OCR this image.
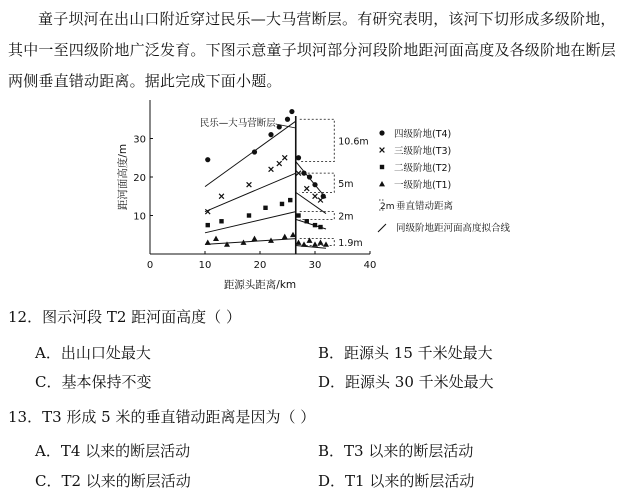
童子坝河在出山口附近穿过民乐—大马营断层。有研究表明，该河下切形成多级阶地，其中一至四级阶地广泛发育。下图示意童子坝河部分河段阶地距河面高度及各级阶地在断层两侧垂直错动距离。据此完成下面小题。

0	10	20	30	40
10
20
30
距源头距离/km
距河面高度/m
民乐—大马营断层
10.6m
5m
2m
1.9m
四级阶地(T4)
三级阶地(T3)
二级阶地(T2)
一级阶地(T1)
2m 垂直错动距离
同级阶地距河面高度拟合线
12．图示河段 T2 距河面高度（ ）
A．出山口处最大	B．距源头 15 千米处最大
C．基本保持不变	D．距源头 30 千米处最大
13．T3 形成 5 米的垂直错动距离是因为（ ）
A．T4 以来的断层活动	B．T3 以来的断层活动
C．T2 以来的断层活动	D．T1 以来的断层活动
